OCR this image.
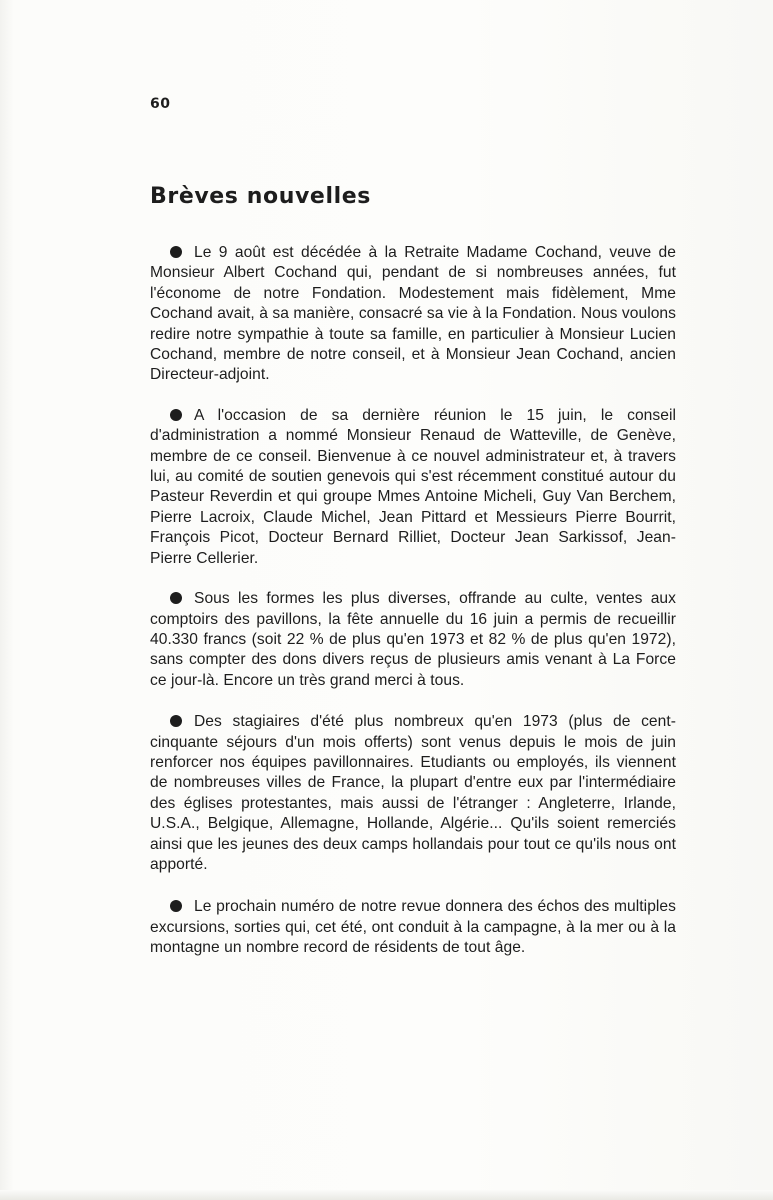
60
Brèves nouvelles

Le 9 août est décédée à la Retraite Madame Cochand, veuve de Monsieur Albert Cochand qui, pendant de si nombreuses années, fut l'économe de notre Fondation. Modestement mais fidèlement, Mme Cochand avait, à sa manière, consacré sa vie à la Fondation. Nous voulons redire notre sympathie à toute sa famille, en particulier à Monsieur Lucien Cochand, membre de notre conseil, et à Monsieur Jean Cochand, ancien Directeur-adjoint.

A l'occasion de sa dernière réunion le 15 juin, le conseil d'administration a nommé Monsieur Renaud de Watteville, de Genève, membre de ce conseil. Bienvenue à ce nouvel administrateur et, à travers lui, au comité de soutien genevois qui s'est récemment constitué autour du Pasteur Reverdin et qui groupe Mmes Antoine Micheli, Guy Van Berchem, Pierre Lacroix, Claude Michel, Jean Pittard et Messieurs Pierre Bourrit, François Picot, Docteur Bernard Rilliet, Docteur Jean Sarkissof, Jean-Pierre Cellerier.

Sous les formes les plus diverses, offrande au culte, ventes aux comptoirs des pavillons, la fête annuelle du 16 juin a permis de recueillir 40.330 francs (soit 22 % de plus qu'en 1973 et 82 % de plus qu'en 1972), sans compter des dons divers reçus de plusieurs amis venant à La Force ce jour-là. Encore un très grand merci à tous.

Des stagiaires d'été plus nombreux qu'en 1973 (plus de cent-cinquante séjours d'un mois offerts) sont venus depuis le mois de juin renforcer nos équipes pavillonnaires. Etudiants ou employés, ils viennent de nombreuses villes de France, la plupart d'entre eux par l'intermédiaire des églises protestantes, mais aussi de l'étranger : Angleterre, Irlande, U.S.A., Belgique, Allemagne, Hollande, Algérie... Qu'ils soient remerciés ainsi que les jeunes des deux camps hollandais pour tout ce qu'ils nous ont apporté.

Le prochain numéro de notre revue donnera des échos des multiples excursions, sorties qui, cet été, ont conduit à la campagne, à la mer ou à la montagne un nombre record de résidents de tout âge.
